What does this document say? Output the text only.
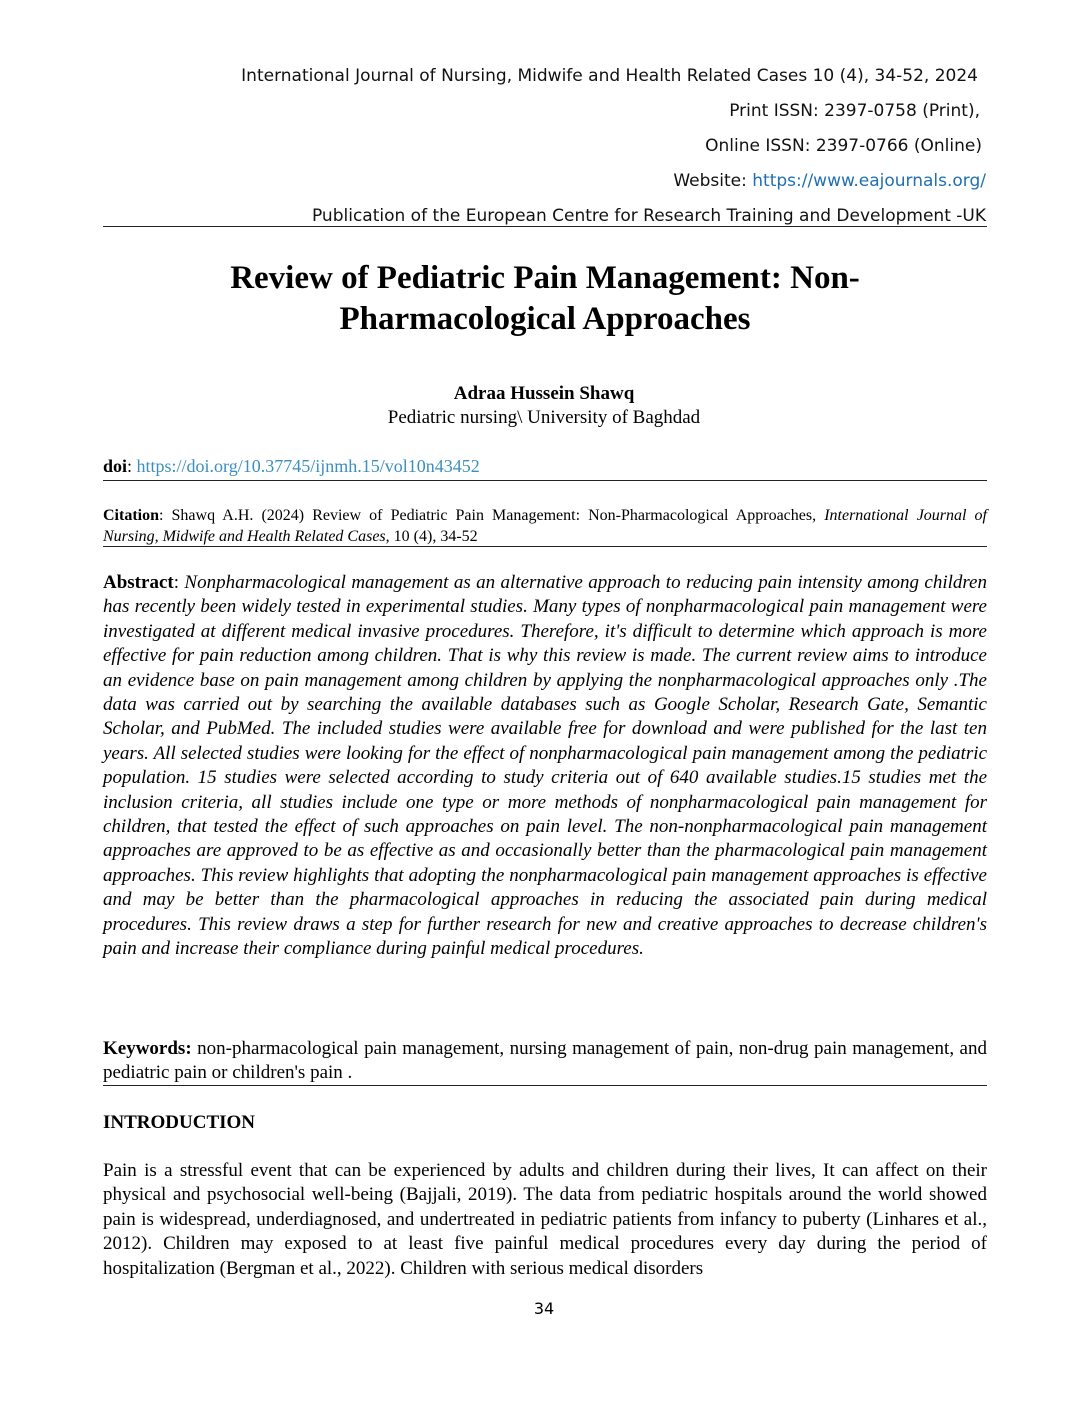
International Journal of Nursing, Midwife and Health Related Cases 10 (4), 34-52, 2024
Print ISSN: 2397-0758 (Print),
Online ISSN: 2397-0766 (Online)
Website: https://www.eajournals.org/
Publication of the European Centre for Research Training and Development -UK
Review of Pediatric Pain Management: Non-Pharmacological Approaches
Adraa Hussein Shawq
Pediatric nursing\ University of Baghdad
doi: https://doi.org/10.37745/ijnmh.15/vol10n43452
Citation: Shawq A.H. (2024) Review of Pediatric Pain Management: Non-Pharmacological Approaches, International Journal of Nursing, Midwife and Health Related Cases, 10 (4), 34-52
Abstract: Nonpharmacological management as an alternative approach to reducing pain intensity among children has recently been widely tested in experimental studies. Many types of nonpharmacological pain management were investigated at different medical invasive procedures. Therefore, it's difficult to determine which approach is more effective for pain reduction among children. That is why this review is made. The current review aims to introduce an evidence base on pain management among children by applying the nonpharmacological approaches only .The data was carried out by searching the available databases such as Google Scholar, Research Gate, Semantic Scholar, and PubMed. The included studies were available free for download and were published for the last ten years. All selected studies were looking for the effect of nonpharmacological pain management among the pediatric population. 15 studies were selected according to study criteria out of 640 available studies.15 studies met the inclusion criteria, all studies include one type or more methods of nonpharmacological pain management for children, that tested the effect of such approaches on pain level. The non-nonpharmacological pain management approaches are approved to be as effective as and occasionally better than the pharmacological pain management approaches. This review highlights that adopting the nonpharmacological pain management approaches is effective and may be better than the pharmacological approaches in reducing the associated pain during medical procedures. This review draws a step for further research for new and creative approaches to decrease children's pain and increase their compliance during painful medical procedures.
Keywords: non-pharmacological pain management, nursing management of pain, non-drug pain management, and pediatric pain or children's pain .
INTRODUCTION
Pain is a stressful event that can be experienced by adults and children during their lives, It can affect on their physical and psychosocial well-being (Bajjali, 2019). The data from pediatric hospitals around the world showed pain is widespread, underdiagnosed, and undertreated in pediatric patients from infancy to puberty (Linhares et al., 2012). Children may exposed to at least five painful medical procedures every day during the period of hospitalization (Bergman et al., 2022). Children with serious medical disorders
34
